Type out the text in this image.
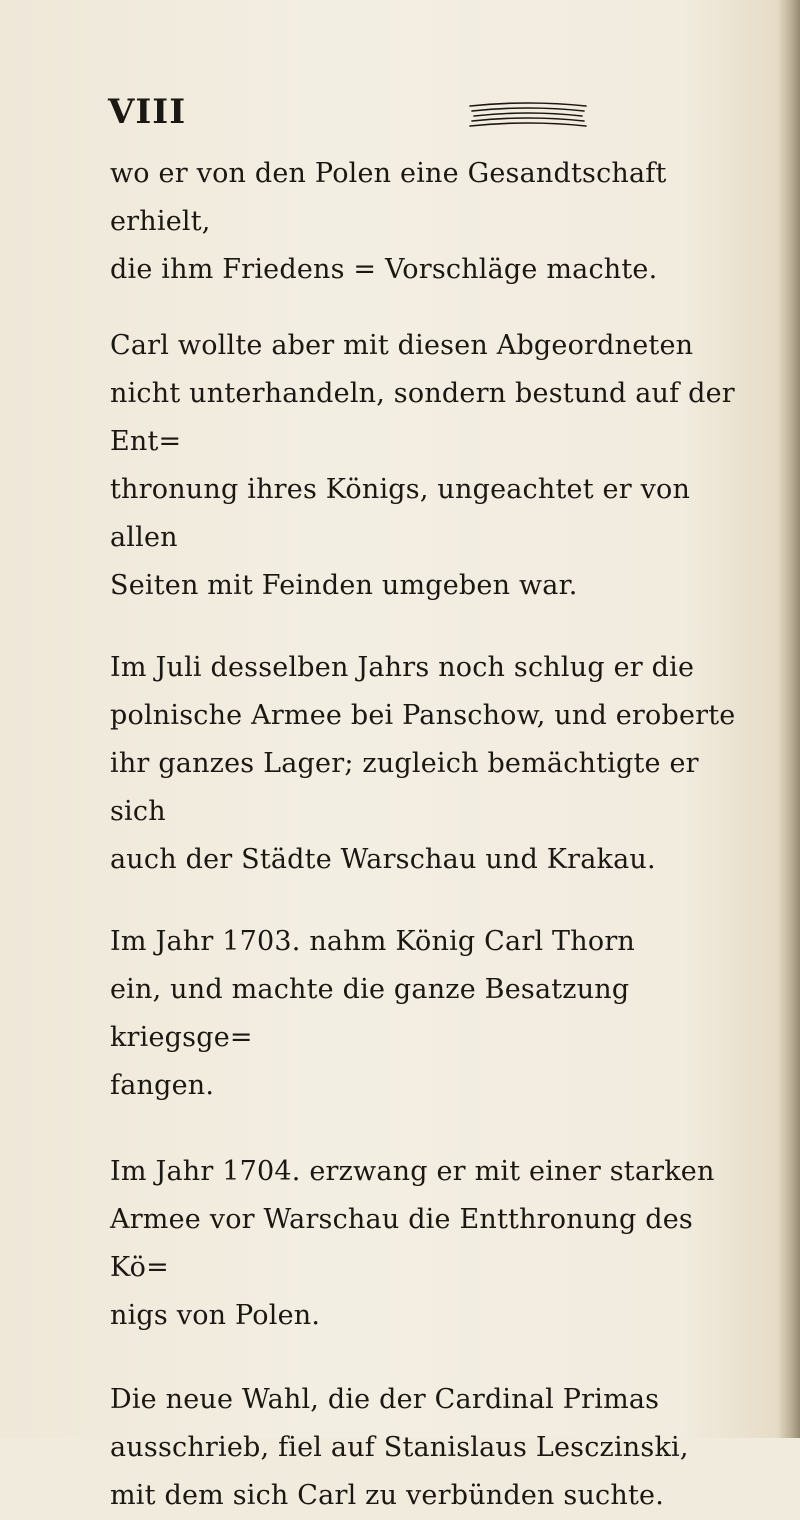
VIII

wo er von den Polen eine Gesandtschaft erhielt,
die ihm Friedens = Vorschläge machte.

Carl wollte aber mit diesen Abgeordneten
nicht unterhandeln, sondern bestund auf der Ent=
thronung ihres Königs, ungeachtet er von allen
Seiten mit Feinden umgeben war.

Im Juli desselben Jahrs noch schlug er die
polnische Armee bei Panschow, und eroberte
ihr ganzes Lager; zugleich bemächtigte er sich
auch der Städte Warschau und Krakau.

Im Jahr 1703. nahm König Carl Thorn
ein, und machte die ganze Besatzung kriegsge=
fangen.

Im Jahr 1704. erzwang er mit einer starken
Armee vor Warschau die Entthronung des Kö=
nigs von Polen.

Die neue Wahl, die der Cardinal Primas
ausschrieb, fiel auf Stanislaus Lesczinski,
mit dem sich Carl zu verbünden suchte.
